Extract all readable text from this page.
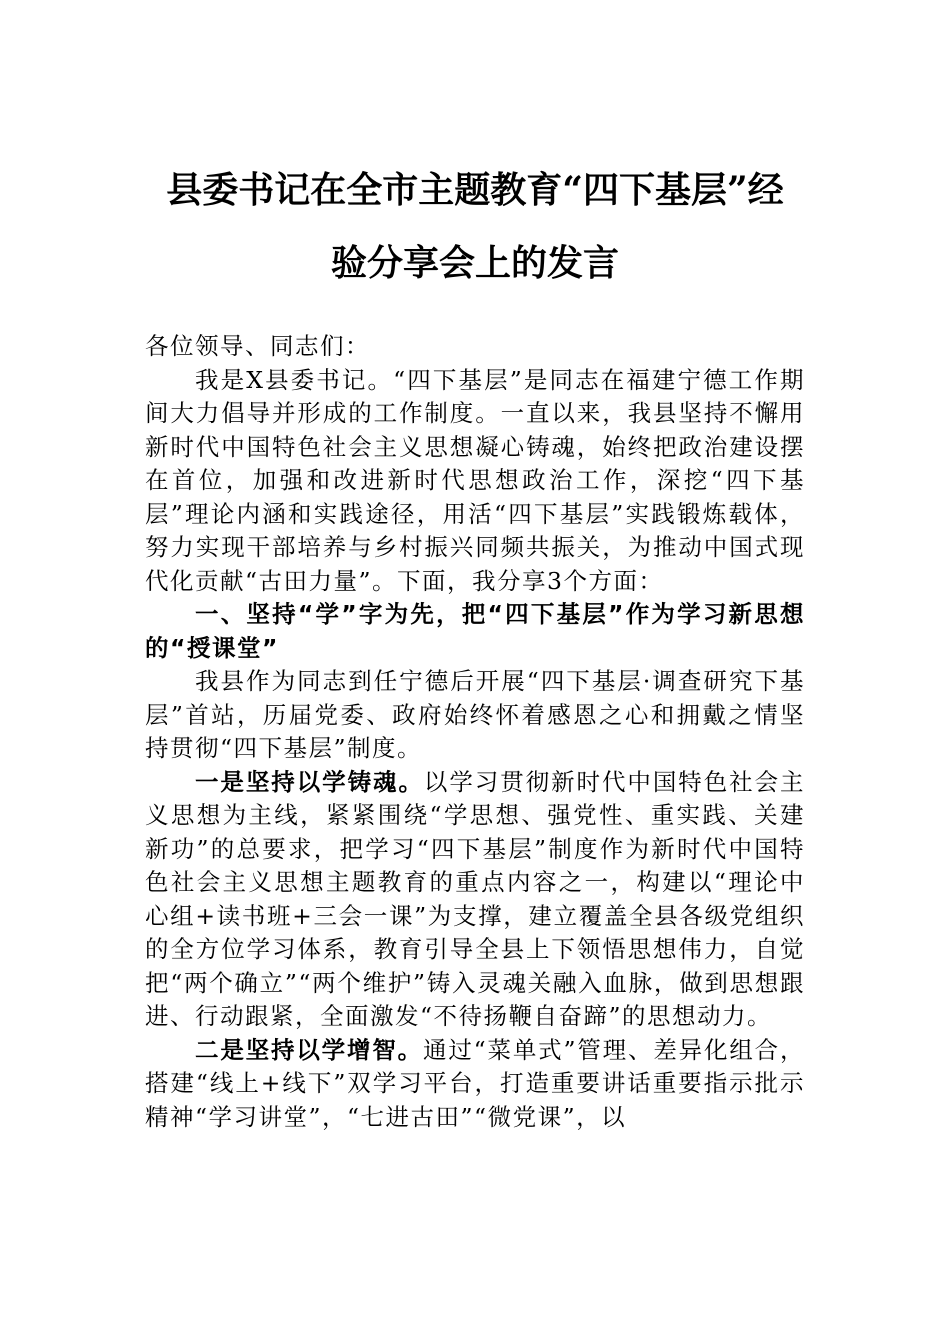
县委书记在全市主题教育“四下基层”经
验分享会上的发言

各位领导、同志们：

我是X县委书记。“四下基层”是同志在福建宁德工作期间大力倡导并形成的工作制度。一直以来，我县坚持不懈用新时代中国特色社会主义思想凝心铸魂，始终把政治建设摆在首位，加强和改进新时代思想政治工作，深挖“四下基层”理论内涵和实践途径，用活“四下基层”实践锻炼载体，努力实现干部培养与乡村振兴同频共振关，为推动中国式现代化贡献“古田力量”。下面，我分享3个方面：

一、坚持“学”字为先，把“四下基层”作为学习新思想的“授课堂”

我县作为同志到任宁德后开展“四下基层·调查研究下基层”首站，历届党委、政府始终怀着感恩之心和拥戴之情坚持贯彻“四下基层”制度。

一是坚持以学铸魂。以学习贯彻新时代中国特色社会主义思想为主线，紧紧围绕“学思想、强党性、重实践、关建新功”的总要求，把学习“四下基层”制度作为新时代中国特色社会主义思想主题教育的重点内容之一，构建以“理论中心组+读书班+三会一课”为支撑，建立覆盖全县各级党组织的全方位学习体系，教育引导全县上下领悟思想伟力，自觉把“两个确立”“两个维护”铸入灵魂关融入血脉，做到思想跟进、行动跟紧，全面激发“不待扬鞭自奋蹄”的思想动力。

二是坚持以学增智。通过“菜单式”管理、差异化组合，搭建“线上+线下”双学习平台，打造重要讲话重要指示批示精神“学习讲堂”，“七进古田”“微党课”，以
